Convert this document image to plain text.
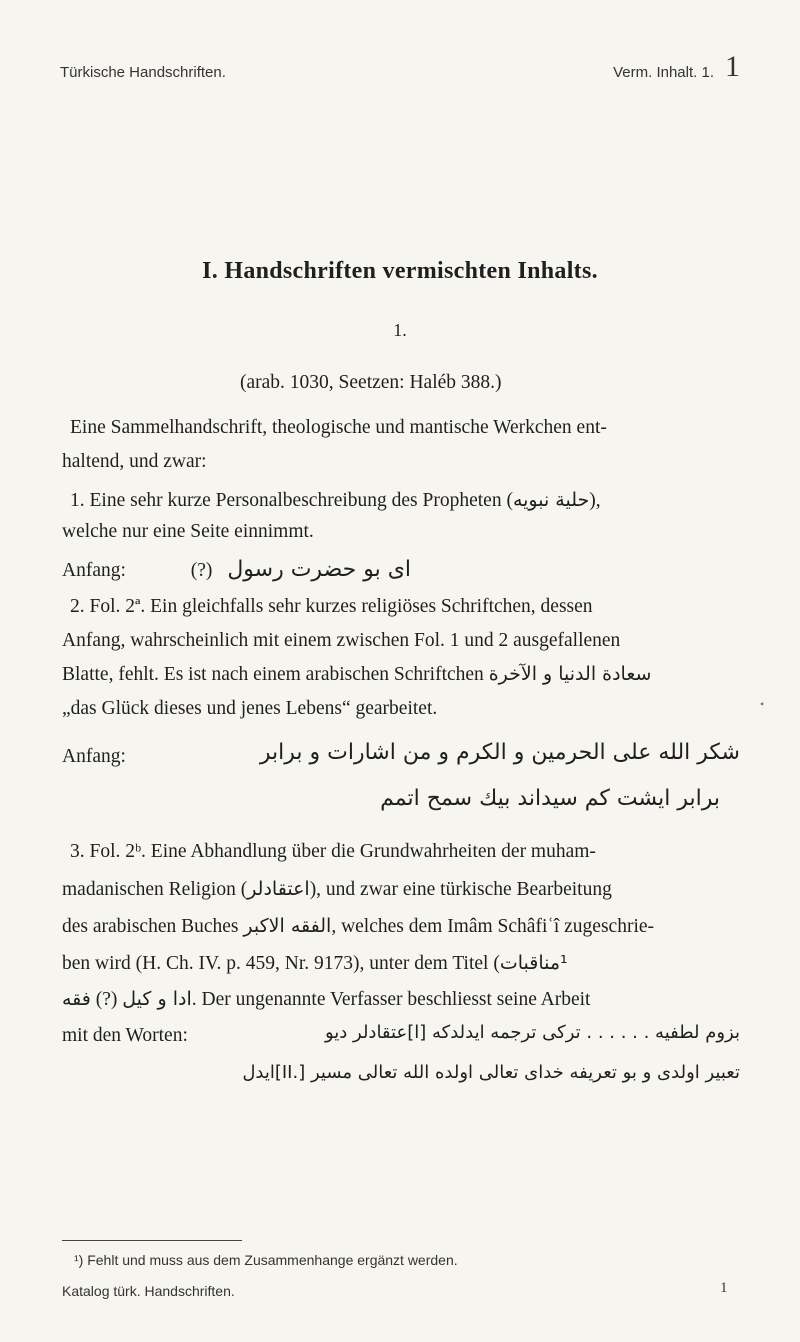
Türkische Handschriften.	Verm. Inhalt. 1. 1
I. Handschriften vermischten Inhalts.
1.
(arab. 1030, Seetzen: Haléb 388.)
Eine Sammelhandschrift, theologische und mantische Werkchen ent-
haltend, und zwar:
1. Eine sehr kurze Personalbeschreibung des Propheten (حلية نبويه),
welche nur eine Seite einnimmt.
Anfang:	(?) اى بو حضرت رسول
2. Fol. 2ª. Ein gleichfalls sehr kurzes religiöses Schriftchen, dessen
Anfang, wahrscheinlich mit einem zwischen Fol. 1 und 2 ausgefallenen
Blatte, fehlt. Es ist nach einem arabischen Schriftchen سعادة الدنيا و الآخرة
„das Glück dieses und jenes Lebens“ gearbeitet.
Anfang:	شكر الله على الحرمين و الكرم و من اشارات و برابر
برابر ايشت كم سيداند بيك سمح اتمم
3. Fol. 2ᵇ. Eine Abhandlung über die Grundwahrheiten der muham-
madanischen Religion (اعتقادلر), und zwar eine türkische Bearbeitung
des arabischen Buches الفقه الاكبر, welches dem Imâm Schâfiʿî zugeschrie-
ben wird (H. Ch. IV. p. 459, Nr. 9173), unter dem Titel (¹مناقبات
فقه (?) ادا و كيل. Der ungenannte Verfasser beschliesst seine Arbeit
mit den Worten:	بزوم لطفيه . . . . . . تركى ترجمه ايدلدكه [ا]عتقادلر ديو
تعبير اولدى و بو تعريفه خداى تعالى اولده الله تعالى مسير [.II]ايدل
•
¹) Fehlt und muss aus dem Zusammenhange ergänzt werden.
Katalog türk. Handschriften.	1
